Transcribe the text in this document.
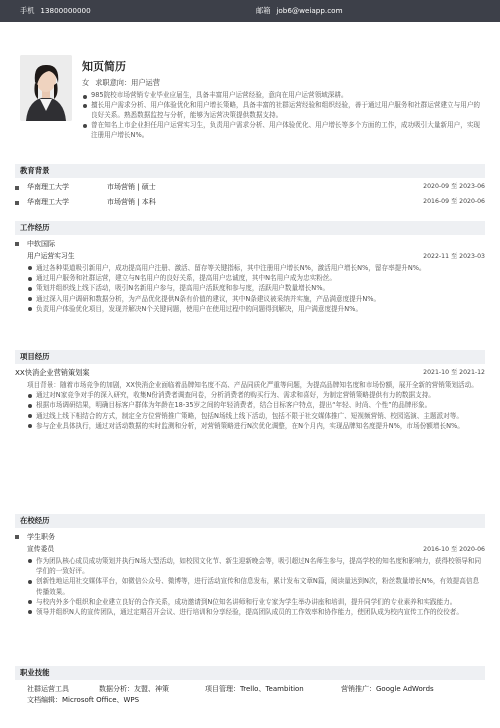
手机 13800000000	邮箱 job6@weiapp.com
知页简历
女 求职意向： 用户运营
985院校市场营销专业毕业应届生，具备丰富用户运营经验，意向在用户运营领域深耕。
擅长用户需求分析、用户体验优化和用户增长策略，具备丰富的社群运营经验和组织经验，善于通过用户服务和社群运营建立与用户的良好关系。熟悉数据监控与分析，能够为运营决策提供数据支持。
曾在知名上市企业担任用户运营实习生，负责用户需求分析、用户体验优化、用户增长等多个方面的工作，成功吸引大量新用户，实现注册用户增长N%。
教育背景
华南理工大学	市场营销 | 硕士	2020-09 至 2023-06
华南理工大学	市场营销 | 本科	2016-09 至 2020-06
工作经历
中软国际
用户运营实习生	2022-11 至 2023-03
通过各种渠道吸引新用户，成功提高用户注册、激活、留存等关键指标，其中注册用户增长N%，激活用户增长N%，留存率提升N%。
通过用户服务和社群运营，建立与N名用户的良好关系，提高用户忠诚度，其中N名用户成为忠实粉丝。
策划并组织线上线下活动，吸引N名新用户参与，提高用户活跃度和参与度，活跃用户数量增长N%。
通过深入用户调研和数据分析，为产品优化提供N条有价值的建议，其中N条建议被采纳并实施，产品满意度提升N%。
负责用户体验优化项目，发现并解决N个关键问题，使用户在使用过程中的问题得到解决，用户满意度提升N%。
项目经历
XX快消企业营销策划案	2021-10 至 2021-12
项目背景：随着市场竞争的加剧，XX快消企业面临着品牌知名度不高、产品同质化严重等问题，为提高品牌知名度和市场份额，展开全新的营销策划活动。
通过对N家竞争对手的深入研究，收集N份消费者调查问卷，分析消费者的购买行为、需求和喜好，为制定营销策略提供有力的数据支持。
根据市场调研结果，明确目标客户群体为年龄在18-35岁之间的年轻消费者，结合目标客户特点，提出“年轻、时尚、个性”的品牌形象。
通过线上线下相结合的方式，制定全方位营销推广策略，包括N场线上线下活动，包括不限于社交媒体推广、短视频营销、校园巡演、主题派对等。
参与企业具体执行，通过对活动数据的实时监测和分析，对营销策略进行N次优化调整，在N个月内，实现品牌知名度提升N%，市场份额增长N%。
在校经历
学生职务
宣传委员	2016-10 至 2020-06
作为团队核心成员成功策划并执行N场大型活动，如校园文化节、新生迎新晚会等，吸引超过N名师生参与，提高学校的知名度和影响力，获得校领导和同学们的一致好评。
创新性地运用社交媒体平台，如微信公众号、微博等，进行活动宣传和信息发布，累计发布文章N篇，阅读量达到N次，粉丝数量增长N%，有效提高信息传播效果。
与校内外多个组织和企业建立良好的合作关系，成功邀请到N位知名讲师和行业专家为学生举办讲座和培训，提升同学们的专业素养和实践能力。
领导并组织N人的宣传团队，通过定期召开会议、进行培训和分享经验，提高团队成员的工作效率和协作能力，使团队成为校内宣传工作的佼佼者。
职业技能
社群运营工具	数据分析：友盟、神策	项目管理：Trello、Teambition	营销推广：Google AdWords
文档编辑：Microsoft Office、WPS
